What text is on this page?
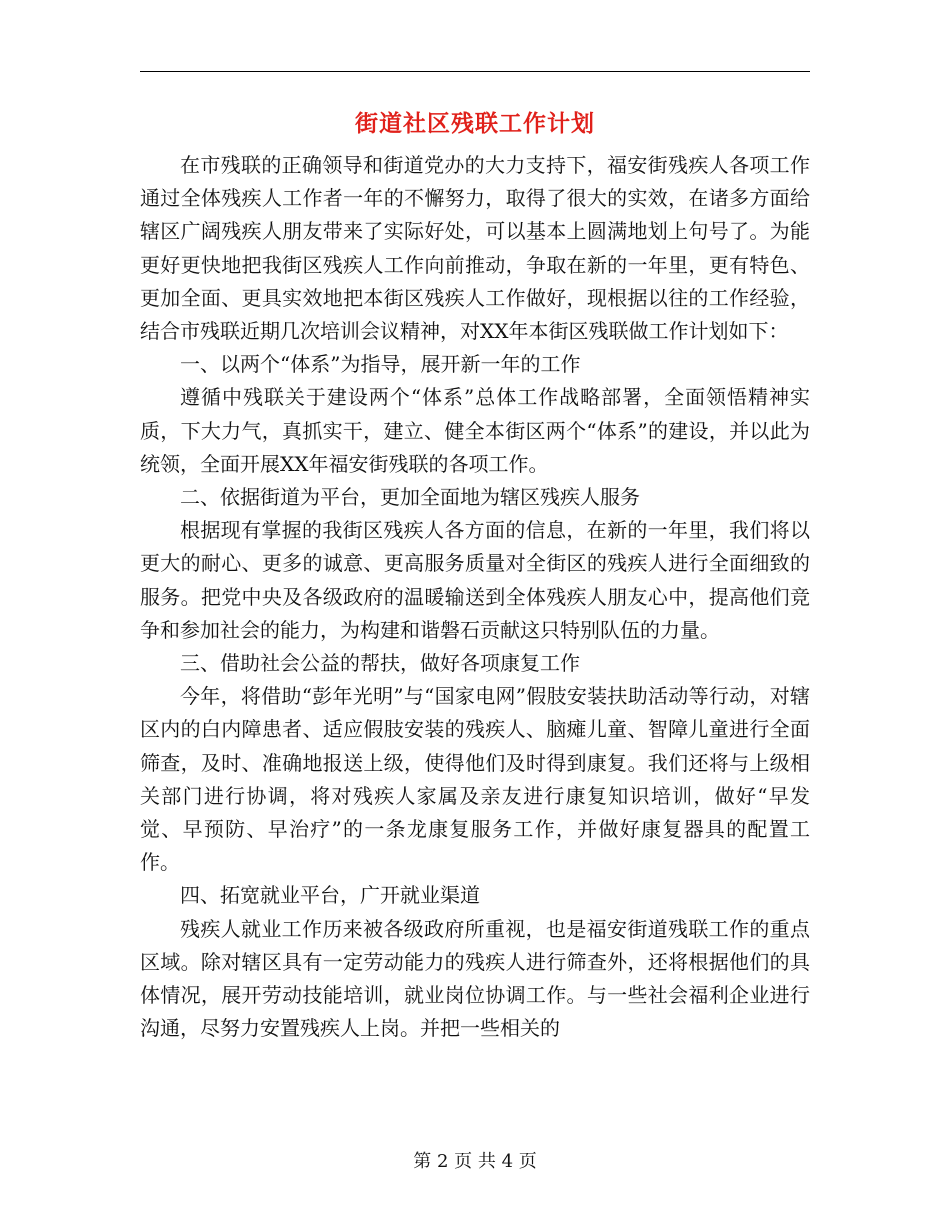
街道社区残联工作计划

在市残联的正确领导和街道党办的大力支持下，福安街残疾人各项工作通过全体残疾人工作者一年的不懈努力，取得了很大的实效，在诸多方面给辖区广阔残疾人朋友带来了实际好处，可以基本上圆满地划上句号了。为能更好更快地把我街区残疾人工作向前推动，争取在新的一年里，更有特色、更加全面、更具实效地把本街区残疾人工作做好，现根据以往的工作经验，结合市残联近期几次培训会议精神，对XX年本街区残联做工作计划如下：

一、以两个“体系”为指导，展开新一年的工作

遵循中残联关于建设两个“体系”总体工作战略部署，全面领悟精神实质，下大力气，真抓实干，建立、健全本街区两个“体系”的建设，并以此为统领，全面开展XX年福安街残联的各项工作。

二、依据街道为平台，更加全面地为辖区残疾人服务

根据现有掌握的我街区残疾人各方面的信息，在新的一年里，我们将以更大的耐心、更多的诚意、更高服务质量对全街区的残疾人进行全面细致的服务。把党中央及各级政府的温暖输送到全体残疾人朋友心中，提高他们竞争和参加社会的能力，为构建和谐磐石贡献这只特别队伍的力量。

三、借助社会公益的帮扶，做好各项康复工作

今年，将借助“彭年光明”与“国家电网”假肢安装扶助活动等行动，对辖区内的白内障患者、适应假肢安装的残疾人、脑瘫儿童、智障儿童进行全面筛查，及时、准确地报送上级，使得他们及时得到康复。我们还将与上级相关部门进行协调，将对残疾人家属及亲友进行康复知识培训，做好“早发觉、早预防、早治疗”的一条龙康复服务工作，并做好康复器具的配置工作。

四、拓宽就业平台，广开就业渠道

残疾人就业工作历来被各级政府所重视，也是福安街道残联工作的重点区域。除对辖区具有一定劳动能力的残疾人进行筛查外，还将根据他们的具体情况，展开劳动技能培训，就业岗位协调工作。与一些社会福利企业进行沟通，尽努力安置残疾人上岗。并把一些相关的

第 2 页 共 4 页
